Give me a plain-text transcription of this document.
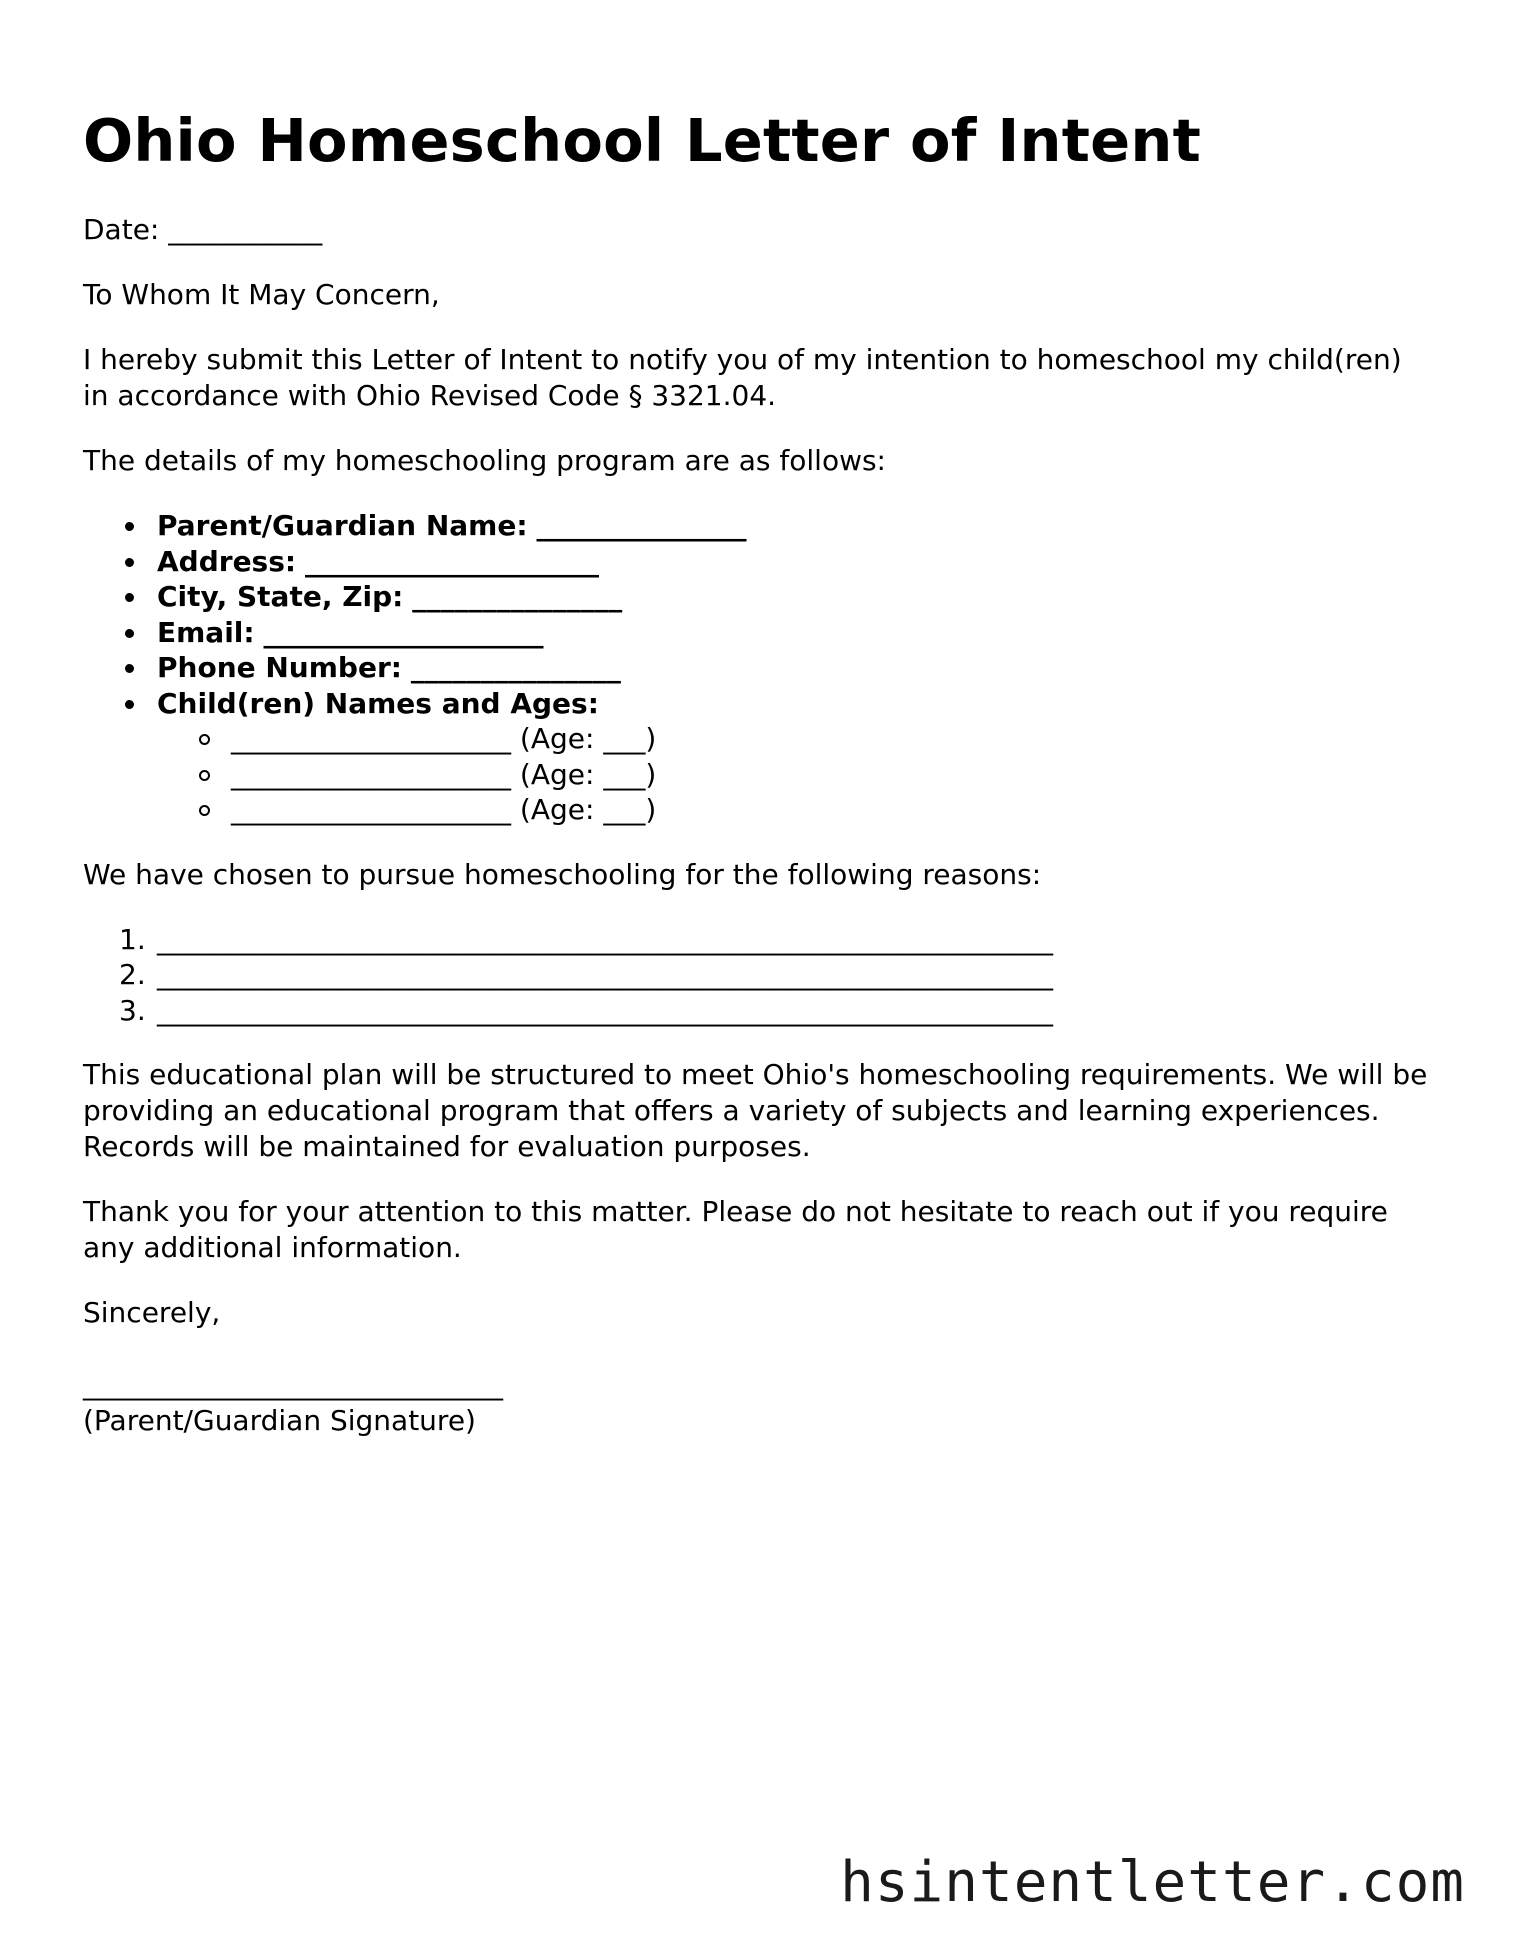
Ohio Homeschool Letter of Intent

Date: ___________

To Whom It May Concern,

I hereby submit this Letter of Intent to notify you of my intention to homeschool my child(ren) in accordance with Ohio Revised Code § 3321.04.

The details of my homeschooling program are as follows:

Parent/Guardian Name: _______________
Address: _____________________
City, State, Zip: _______________
Email: ____________________
Phone Number: _______________
Child(ren) Names and Ages:
____________________ (Age: ___)
____________________ (Age: ___)
____________________ (Age: ___)

We have chosen to pursue homeschooling for the following reasons:

1. ________________________________________________________________
2. ________________________________________________________________
3. ________________________________________________________________

This educational plan will be structured to meet Ohio's homeschooling requirements. We will be providing an educational program that offers a variety of subjects and learning experiences. Records will be maintained for evaluation purposes.

Thank you for your attention to this matter. Please do not hesitate to reach out if you require any additional information.

Sincerely,

______________________________
(Parent/Guardian Signature)
hsintentletter.com
